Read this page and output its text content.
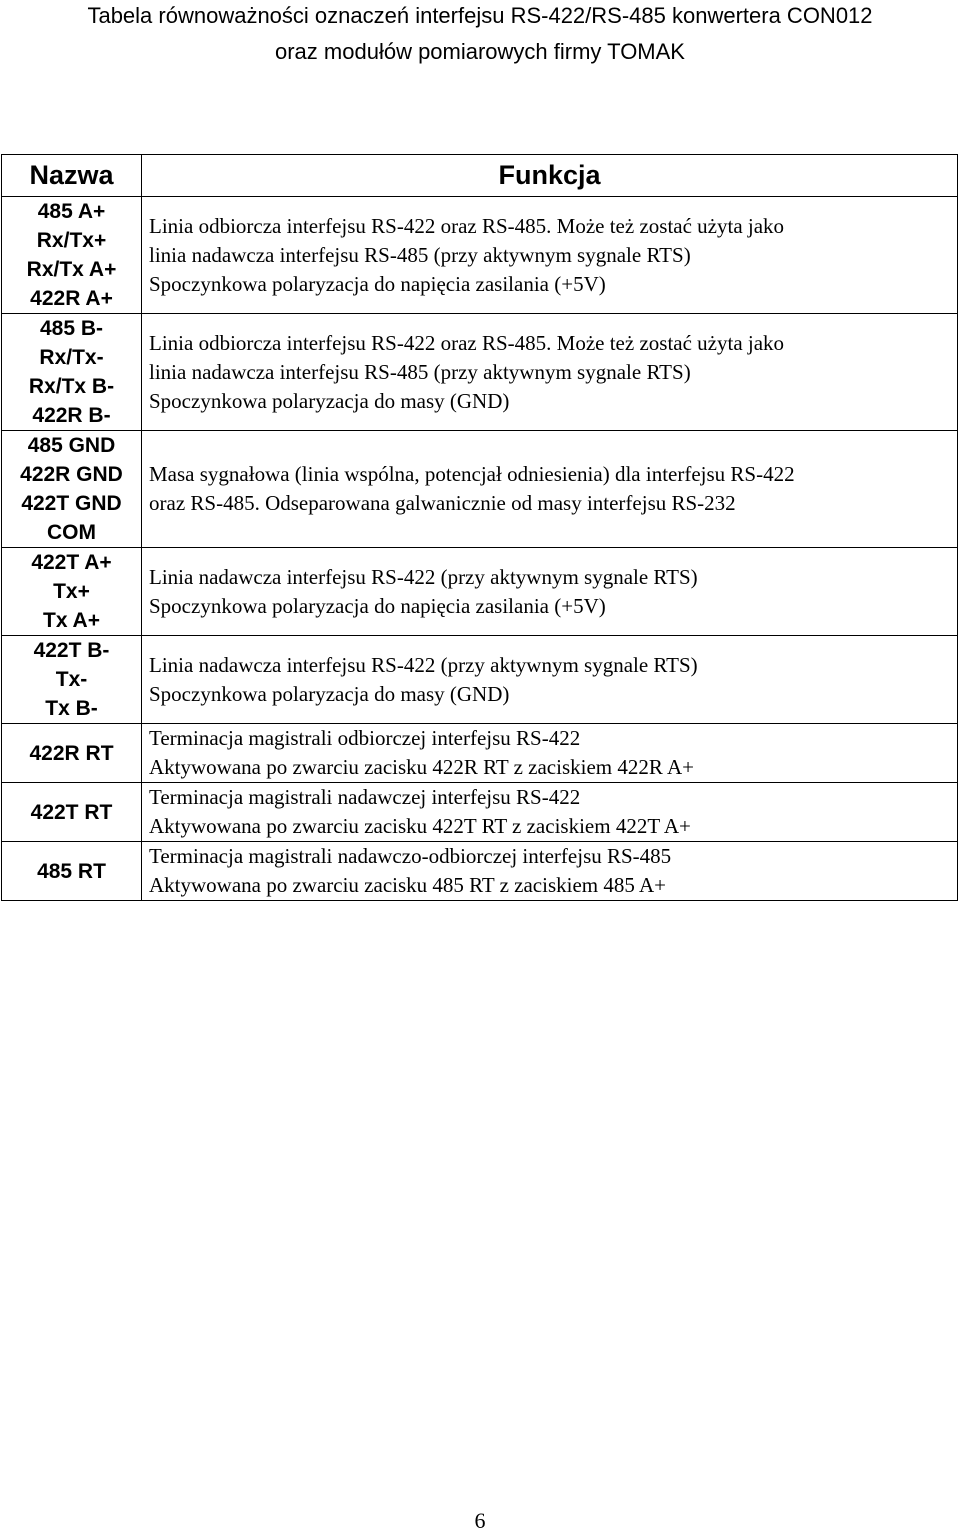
Tabela równoważności oznaczeń interfejsu RS-422/RS-485 konwertera CON012
oraz modułów pomiarowych firmy TOMAK
Nazwa	Funkcja

485 A+
Rx/Tx+
Rx/Tx A+
422R A+	Linia odbiorcza interfejsu RS-422 oraz RS-485. Może też zostać użyta jako
linia nadawcza interfejsu RS-485 (przy aktywnym sygnale RTS)
Spoczynkowa polaryzacja do napięcia zasilania (+5V)

485 B-
Rx/Tx-
Rx/Tx B-
422R B-	Linia odbiorcza interfejsu RS-422 oraz RS-485. Może też zostać użyta jako
linia nadawcza interfejsu RS-485 (przy aktywnym sygnale RTS)
Spoczynkowa polaryzacja do masy (GND)

485 GND
422R GND
422T GND
COM	Masa sygnałowa (linia wspólna, potencjał odniesienia) dla interfejsu RS-422
oraz RS-485. Odseparowana galwanicznie od masy interfejsu RS-232

422T A+
Tx+
Tx A+	Linia nadawcza interfejsu RS-422 (przy aktywnym sygnale RTS)
Spoczynkowa polaryzacja do napięcia zasilania (+5V)

422T B-
Tx-
Tx B-	Linia nadawcza interfejsu RS-422 (przy aktywnym sygnale RTS)
Spoczynkowa polaryzacja do masy (GND)

422R RT	Terminacja magistrali odbiorczej interfejsu RS-422
Aktywowana po zwarciu zacisku 422R RT z zaciskiem 422R A+

422T RT	Terminacja magistrali nadawczej interfejsu RS-422
Aktywowana po zwarciu zacisku 422T RT z zaciskiem 422T A+

485 RT	Terminacja magistrali nadawczo-odbiorczej interfejsu RS-485
Aktywowana po zwarciu zacisku 485 RT z zaciskiem 485 A+
6
